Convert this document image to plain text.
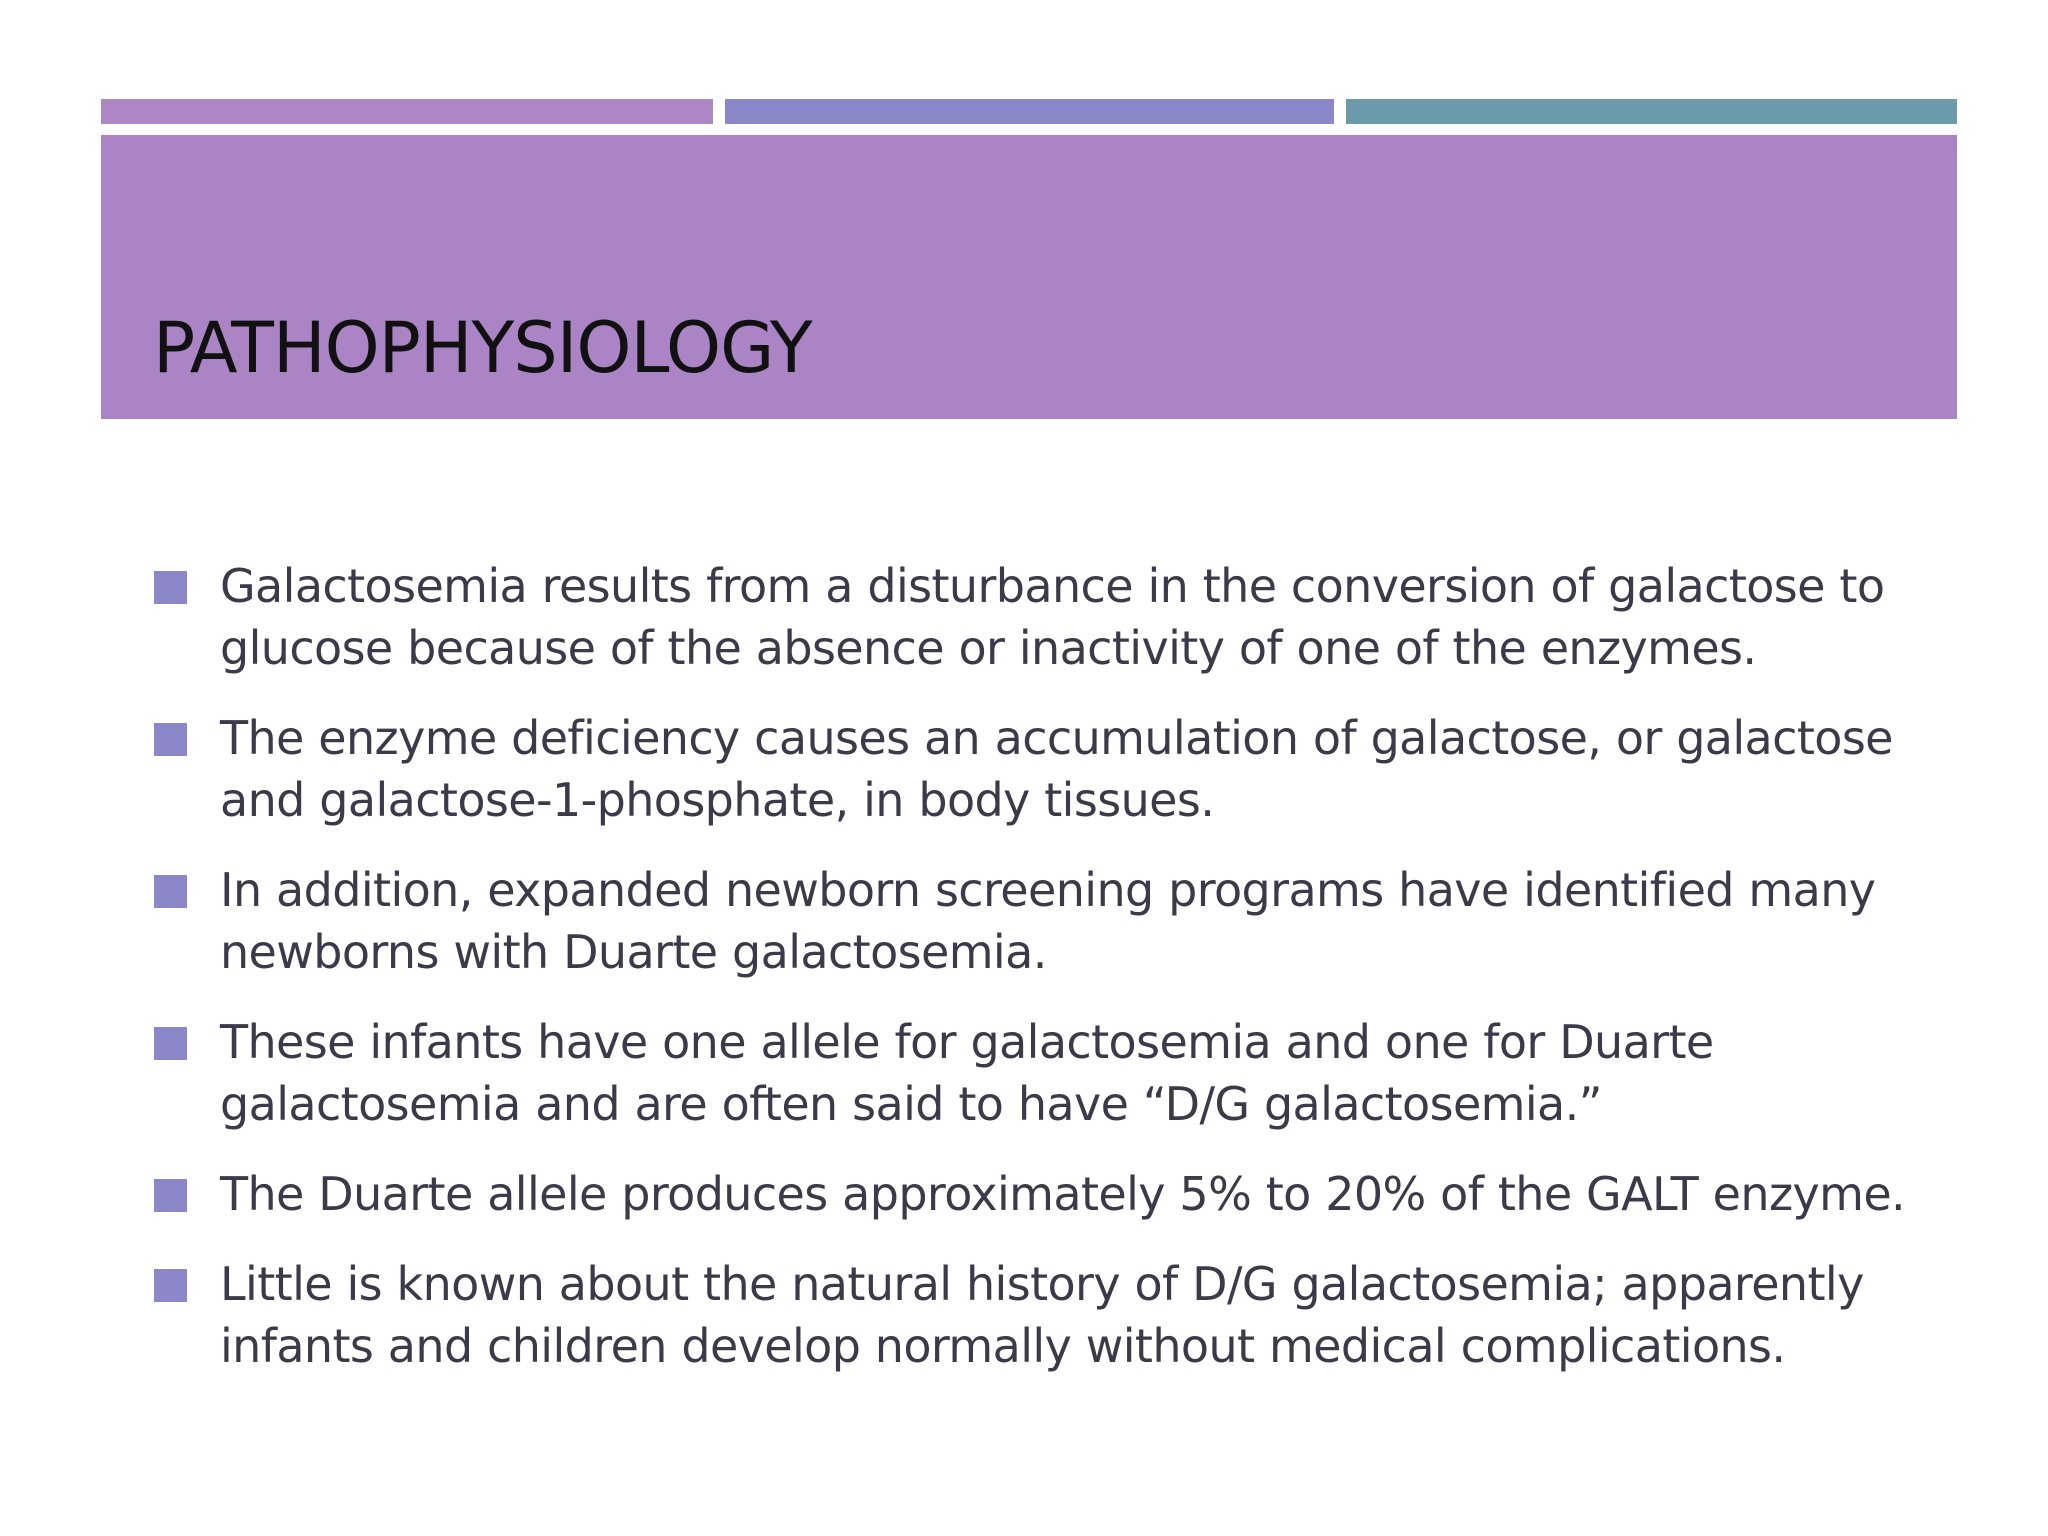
PATHOPHYSIOLOGY
Galactosemia results from a disturbance in the conversion of galactose to glucose because of the absence or inactivity of one of the enzymes.
The enzyme deficiency causes an accumulation of galactose, or galactose and galactose-1-phosphate, in body tissues.
In addition, expanded newborn screening programs have identified many newborns with Duarte galactosemia.
These infants have one allele for galactosemia and one for Duarte galactosemia and are often said to have “D/G galactosemia.”
The Duarte allele produces approximately 5% to 20% of the GALT enzyme.
Little is known about the natural history of D/G galactosemia; apparently infants and children develop normally without medical complications.
